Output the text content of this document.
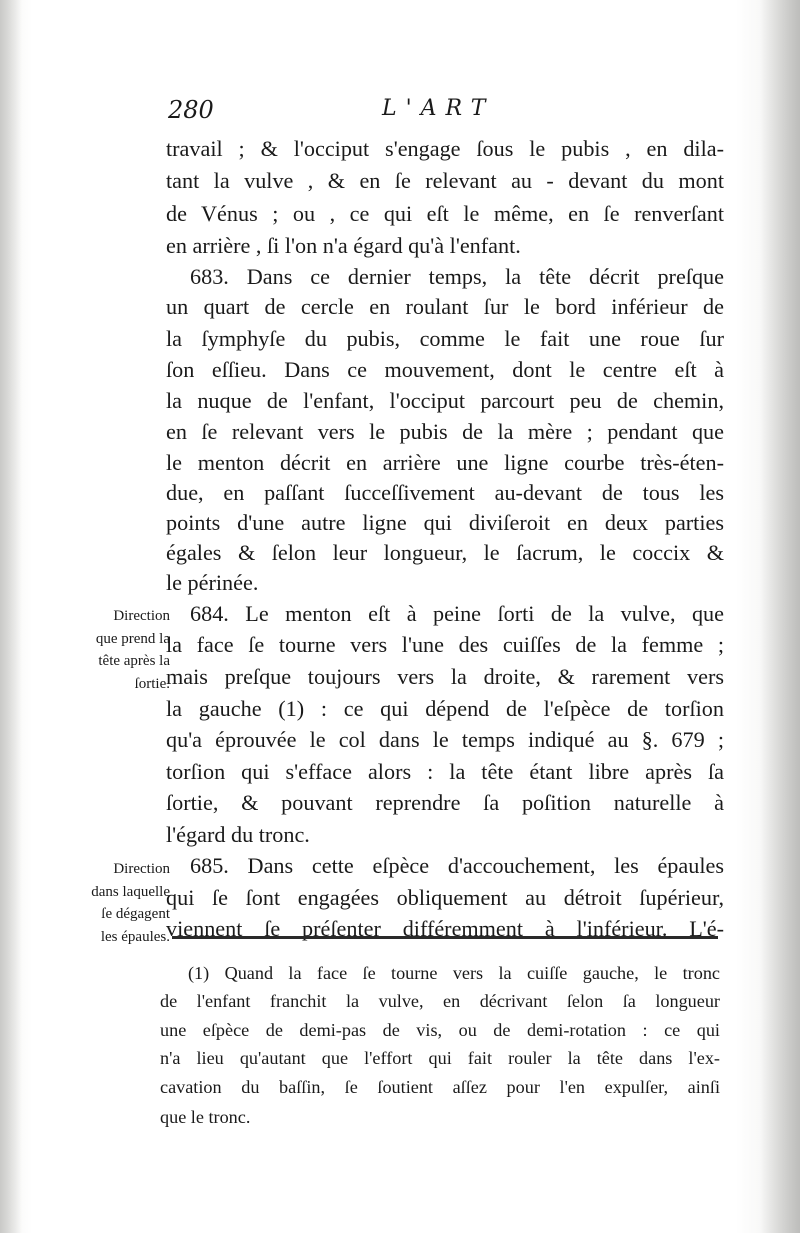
280	L'ART
travail ; & l'occiput s'engage ſous le pubis , en dila-
tant la vulve , & en ſe relevant au - devant du mont
de Vénus ; ou , ce qui eſt le même, en ſe renverſant
en arrière , ſi l'on n'a égard qu'à l'enfant.
683. Dans ce dernier temps, la tête décrit preſque
un quart de cercle en roulant ſur le bord inférieur de
la ſymphyſe du pubis, comme le fait une roue ſur
ſon eſſieu. Dans ce mouvement, dont le centre eſt à
la nuque de l'enfant, l'occiput parcourt peu de chemin,
en ſe relevant vers le pubis de la mère ; pendant que
le menton décrit en arrière une ligne courbe très-éten-
due, en paſſant ſucceſſivement au-devant de tous les
points d'une autre ligne qui diviſeroit en deux parties
égales & ſelon leur longueur, le ſacrum, le coccix &
le périnée.
684. Le menton eſt à peine ſorti de la vulve, que
la face ſe tourne vers l'une des cuiſſes de la femme ;
mais preſque toujours vers la droite, & rarement vers
la gauche (1) : ce qui dépend de l'eſpèce de torſion
qu'a éprouvée le col dans le temps indiqué au §. 679 ;
torſion qui s'efface alors : la tête étant libre après ſa
ſortie, & pouvant reprendre ſa poſition naturelle à
l'égard du tronc.
685. Dans cette eſpèce d'accouchement, les épaules
qui ſe ſont engagées obliquement au détroit ſupérieur,
viennent ſe préſenter différemment à l'inférieur. L'é-
Direction
que prend la
tête après la
ſortie.
Direction
dans laquelle
ſe dégagent
les épaules.
(1) Quand la face ſe tourne vers la cuiſſe gauche, le tronc
de l'enfant franchit la vulve, en décrivant ſelon ſa longueur
une eſpèce de demi-pas de vis, ou de demi-rotation : ce qui
n'a lieu qu'autant que l'effort qui fait rouler la tête dans l'ex-
cavation du baſſin, ſe ſoutient aſſez pour l'en expulſer, ainſi
que le tronc.
